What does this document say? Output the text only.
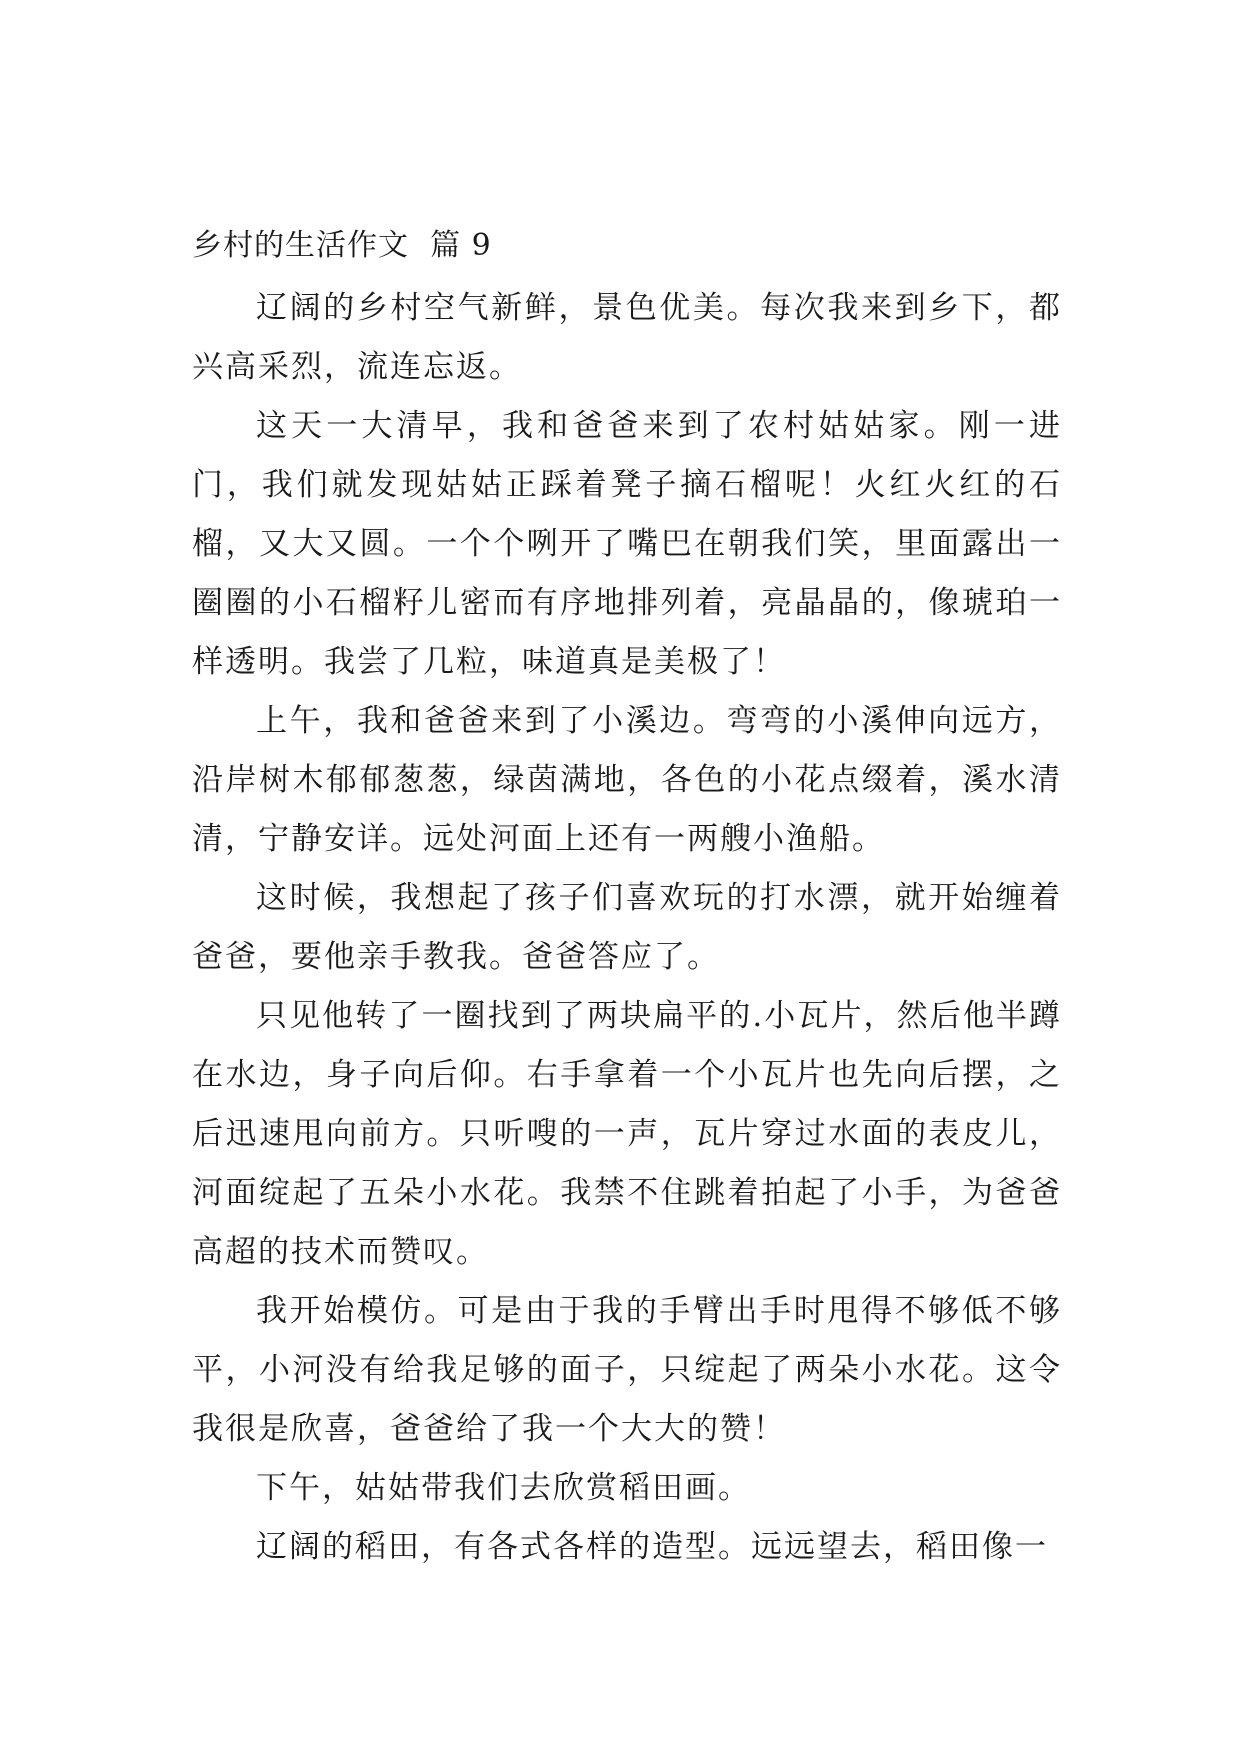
乡村的生活作文  篇 9

辽阔的乡村空气新鲜，景色优美。每次我来到乡下，都兴高采烈，流连忘返。

这天一大清早，我和爸爸来到了农村姑姑家。刚一进门，我们就发现姑姑正踩着凳子摘石榴呢！火红火红的石榴，又大又圆。一个个咧开了嘴巴在朝我们笑，里面露出一圈圈的小石榴籽儿密而有序地排列着，亮晶晶的，像琥珀一样透明。我尝了几粒，味道真是美极了！

上午，我和爸爸来到了小溪边。弯弯的小溪伸向远方，沿岸树木郁郁葱葱，绿茵满地，各色的小花点缀着，溪水清清，宁静安详。远处河面上还有一两艘小渔船。

这时候，我想起了孩子们喜欢玩的打水漂，就开始缠着爸爸，要他亲手教我。爸爸答应了。

只见他转了一圈找到了两块扁平的.小瓦片，然后他半蹲在水边，身子向后仰。右手拿着一个小瓦片也先向后摆，之后迅速甩向前方。只听嗖的一声，瓦片穿过水面的表皮儿，河面绽起了五朵小水花。我禁不住跳着拍起了小手，为爸爸高超的技术而赞叹。

我开始模仿。可是由于我的手臂出手时甩得不够低不够平，小河没有给我足够的面子，只绽起了两朵小水花。这令我很是欣喜，爸爸给了我一个大大的赞！

下午，姑姑带我们去欣赏稻田画。

辽阔的稻田，有各式各样的造型。远远望去，稻田像一
